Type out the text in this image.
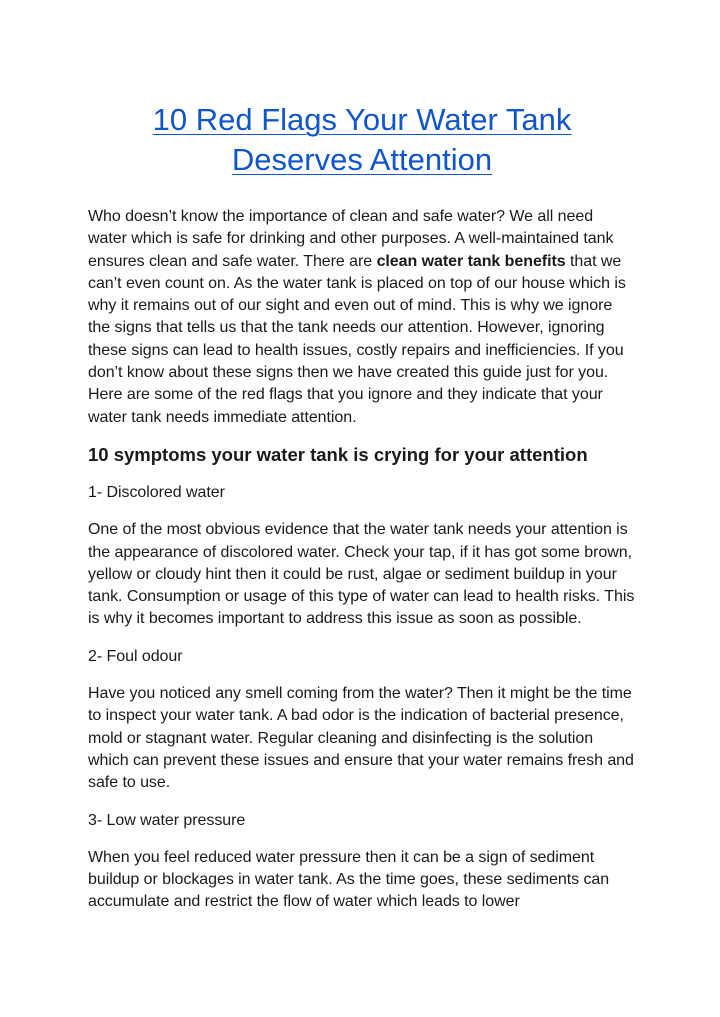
10 Red Flags Your Water Tank Deserves Attention

Who doesn’t know the importance of clean and safe water? We all need water which is safe for drinking and other purposes. A well-maintained tank ensures clean and safe water. There are clean water tank benefits that we can’t even count on. As the water tank is placed on top of our house which is why it remains out of our sight and even out of mind. This is why we ignore the signs that tells us that the tank needs our attention. However, ignoring these signs can lead to health issues, costly repairs and inefficiencies. If you don’t know about these signs then we have created this guide just for you. Here are some of the red flags that you ignore and they indicate that your water tank needs immediate attention.

10 symptoms your water tank is crying for your attention

1- Discolored water

One of the most obvious evidence that the water tank needs your attention is the appearance of discolored water. Check your tap, if it has got some brown, yellow or cloudy hint then it could be rust, algae or sediment buildup in your tank. Consumption or usage of this type of water can lead to health risks. This is why it becomes important to address this issue as soon as possible.

2- Foul odour

Have you noticed any smell coming from the water? Then it might be the time to inspect your water tank. A bad odor is the indication of bacterial presence, mold or stagnant water. Regular cleaning and disinfecting is the solution which can prevent these issues and ensure that your water remains fresh and safe to use.

3- Low water pressure

When you feel reduced water pressure then it can be a sign of sediment buildup or blockages in water tank. As the time goes, these sediments can accumulate and restrict the flow of water which leads to lower
